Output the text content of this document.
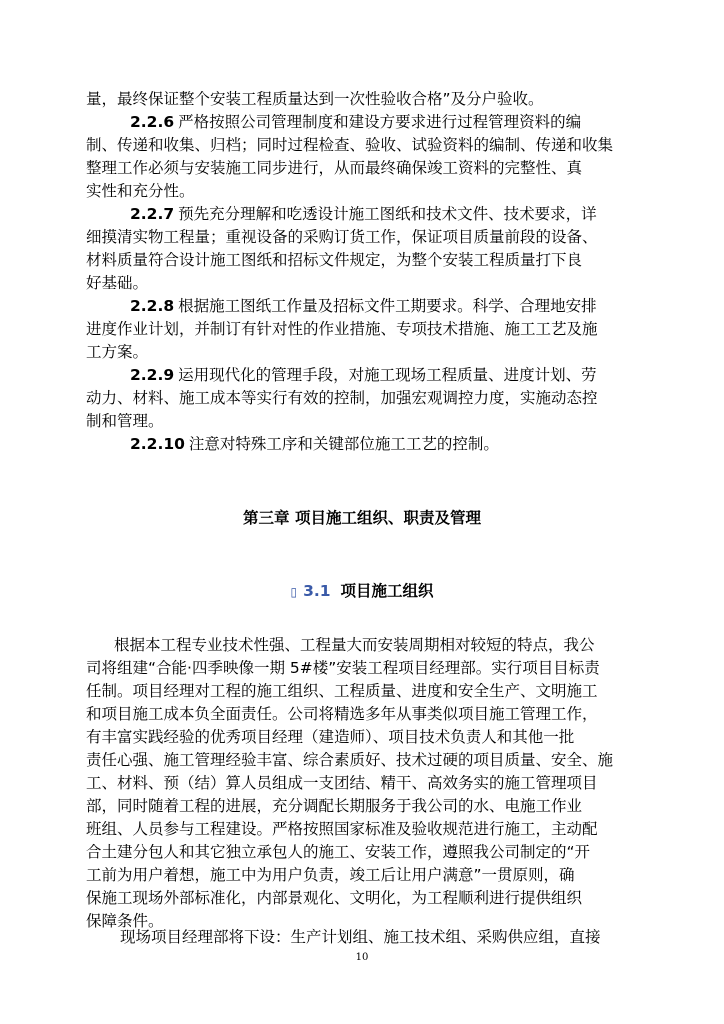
量，最终保证整个安装工程质量达到一次性验收合格”及分户验收。
2.2.6 严格按照公司管理制度和建设方要求进行过程管理资料的编
制、传递和收集、归档；同时过程检查、验收、试验资料的编制、传递和收集
整理工作必须与安装施工同步进行，从而最终确保竣工资料的完整性、真
实性和充分性。
2.2.7 预先充分理解和吃透设计施工图纸和技术文件、技术要求，详
细摸清实物工程量；重视设备的采购订货工作，保证项目质量前段的设备、
材料质量符合设计施工图纸和招标文件规定，为整个安装工程质量打下良
好基础。
2.2.8 根据施工图纸工作量及招标文件工期要求。科学、合理地安排
进度作业计划，并制订有针对性的作业措施、专项技术措施、施工工艺及施
工方案。
2.2.9 运用现代化的管理手段，对施工现场工程质量、进度计划、劳
动力、材料、施工成本等实行有效的控制，加强宏观调控力度，实施动态控
制和管理。
2.2.10 注意对特殊工序和关键部位施工工艺的控制。
第三章 项目施工组织、职责及管理
▯ 3.1 项目施工组织
根据本工程专业技术性强、工程量大而安装周期相对较短的特点，我公
司将组建“合能·四季映像一期 5#楼”安装工程项目经理部。实行项目目标责
任制。项目经理对工程的施工组织、工程质量、进度和安全生产、文明施工
和项目施工成本负全面责任。公司将精选多年从事类似项目施工管理工作，
有丰富实践经验的优秀项目经理（建造师）、项目技术负责人和其他一批
责任心强、施工管理经验丰富、综合素质好、技术过硬的项目质量、安全、施
工、材料、预（结）算人员组成一支团结、精干、高效务实的施工管理项目
部，同时随着工程的进展，充分调配长期服务于我公司的水、电施工作业
班组、人员参与工程建设。严格按照国家标准及验收规范进行施工，主动配
合土建分包人和其它独立承包人的施工、安装工作，遵照我公司制定的“开
工前为用户着想，施工中为用户负责，竣工后让用户满意”一贯原则，确
保施工现场外部标准化，内部景观化、文明化，为工程顺利进行提供组织
保障条件。
现场项目经理部将下设：生产计划组、施工技术组、采购供应组，直接
10
